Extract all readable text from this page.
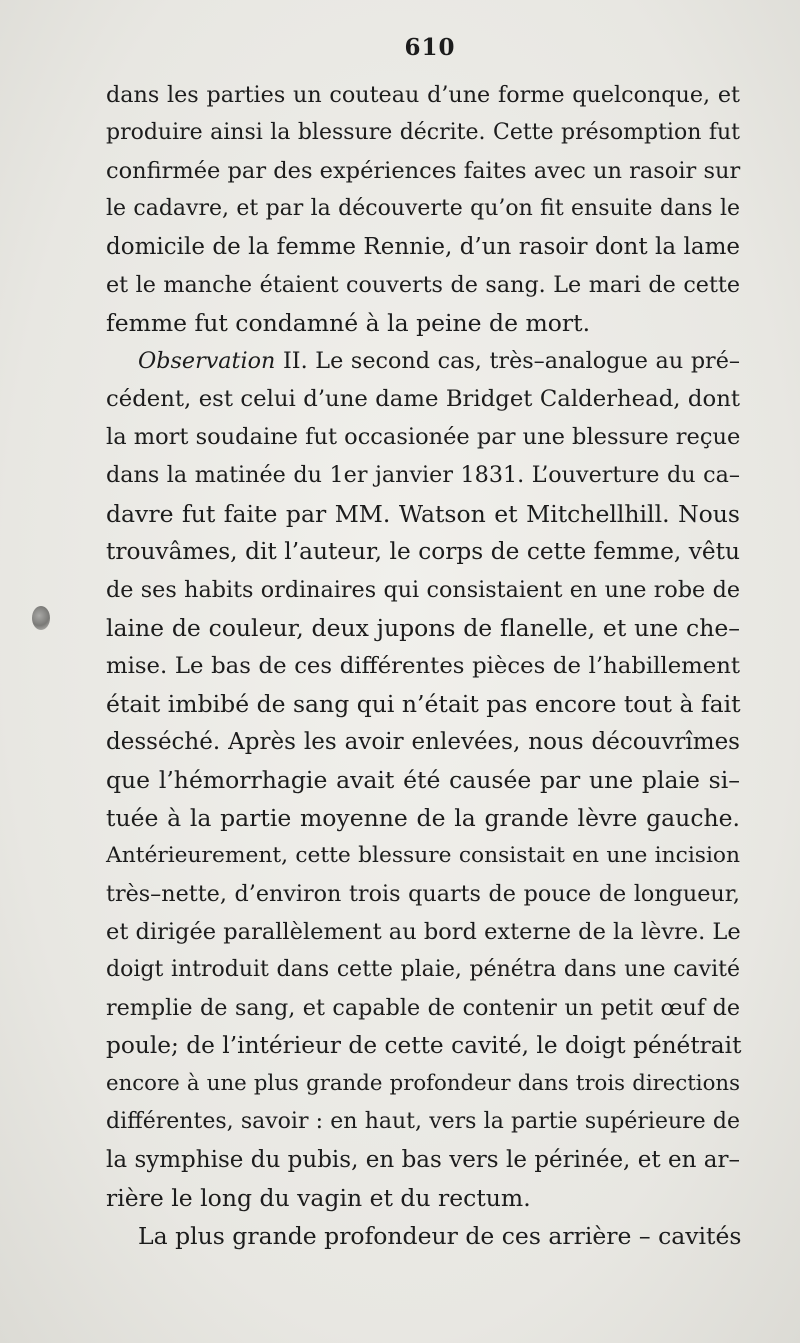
610
dans les parties un couteau d’une forme quelconque, et
produire ainsi la blessure décrite. Cette présomption fut
confirmée par des expériences faites avec un rasoir sur
le cadavre, et par la découverte qu’on fit ensuite dans le
domicile de la femme Rennie, d’un rasoir dont la lame
et le manche étaient couverts de sang. Le mari de cette
femme fut condamné à la peine de mort.
Observation II. Le second cas, très–analogue au pré–
cédent, est celui d’une dame Bridget Calderhead, dont
la mort soudaine fut occasionée par une blessure reçue
dans la matinée du 1er janvier 1831. L’ouverture du ca–
davre fut faite par MM. Watson et Mitchellhill. Nous
trouvâmes, dit l’auteur, le corps de cette femme, vêtu
de ses habits ordinaires qui consistaient en une robe de
laine de couleur, deux jupons de flanelle, et une che–
mise. Le bas de ces différentes pièces de l’habillement
était imbibé de sang qui n’était pas encore tout à fait
desséché. Après les avoir enlevées, nous découvrîmes
que l’hémorrhagie avait été causée par une plaie si–
tuée à la partie moyenne de la grande lèvre gauche.
Antérieurement, cette blessure consistait en une incision
très–nette, d’environ trois quarts de pouce de longueur,
et dirigée parallèlement au bord externe de la lèvre. Le
doigt introduit dans cette plaie, pénétra dans une cavité
remplie de sang, et capable de contenir un petit œuf de
poule; de l’intérieur de cette cavité, le doigt pénétrait
encore à une plus grande profondeur dans trois directions
différentes, savoir : en haut, vers la partie supérieure de
la symphise du pubis, en bas vers le périnée, et en ar–
rière le long du vagin et du rectum.
La plus grande profondeur de ces arrière – cavités
